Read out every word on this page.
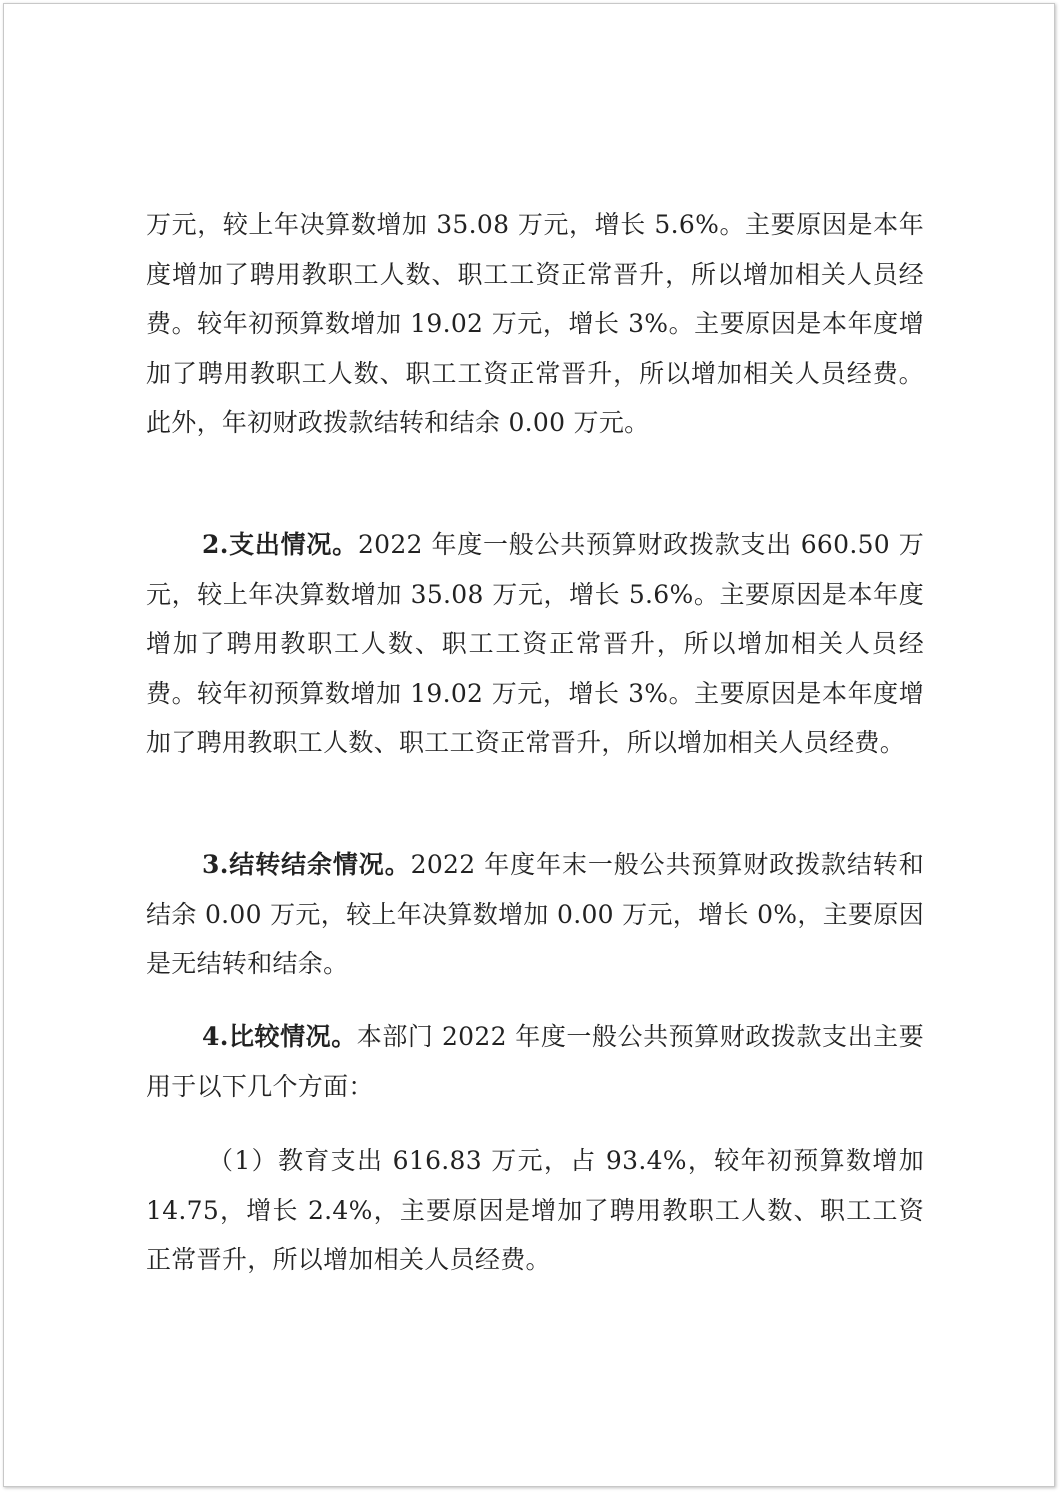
万元，较上年决算数增加 35.08 万元，增长 5.6%。主要原因是本年度增加了聘用教职工人数、职工工资正常晋升，所以增加相关人员经费。较年初预算数增加 19.02 万元，增长 3%。主要原因是本年度增加了聘用教职工人数、职工工资正常晋升，所以增加相关人员经费。此外，年初财政拨款结转和结余 0.00 万元。

2.支出情况。2022 年度一般公共预算财政拨款支出 660.50 万元，较上年决算数增加 35.08 万元，增长 5.6%。主要原因是本年度增加了聘用教职工人数、职工工资正常晋升，所以增加相关人员经费。较年初预算数增加 19.02 万元，增长 3%。主要原因是本年度增加了聘用教职工人数、职工工资正常晋升，所以增加相关人员经费。

3.结转结余情况。2022 年度年末一般公共预算财政拨款结转和结余 0.00 万元，较上年决算数增加 0.00 万元，增长 0%，主要原因是无结转和结余。

4.比较情况。本部门 2022 年度一般公共预算财政拨款支出主要用于以下几个方面：

（1）教育支出 616.83 万元，占 93.4%，较年初预算数增加 14.75，增长 2.4%，主要原因是增加了聘用教职工人数、职工工资正常晋升，所以增加相关人员经费。
